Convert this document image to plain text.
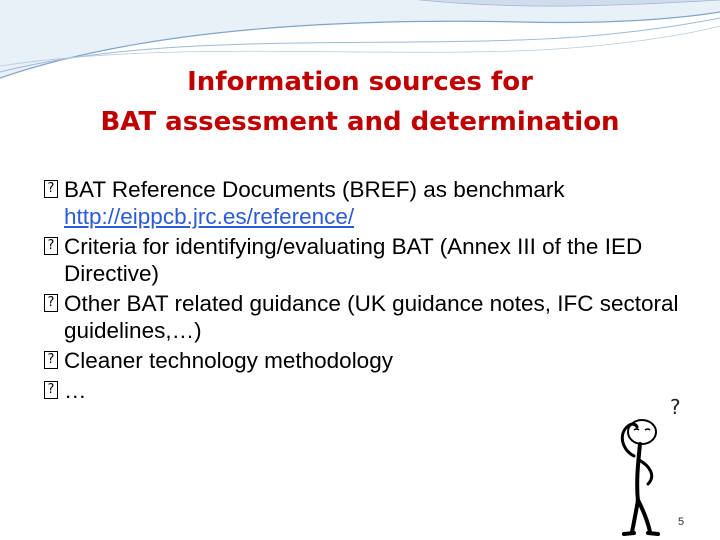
Information sources for
BAT assessment and determination
? BAT Reference Documents (BREF) as benchmark http://eippcb.jrc.es/reference/
? Criteria for identifying/evaluating BAT (Annex III of the IED Directive)
? Other BAT related guidance (UK guidance notes, IFC sectoral guidelines,…)
? Cleaner technology methodology
? …
?
5
